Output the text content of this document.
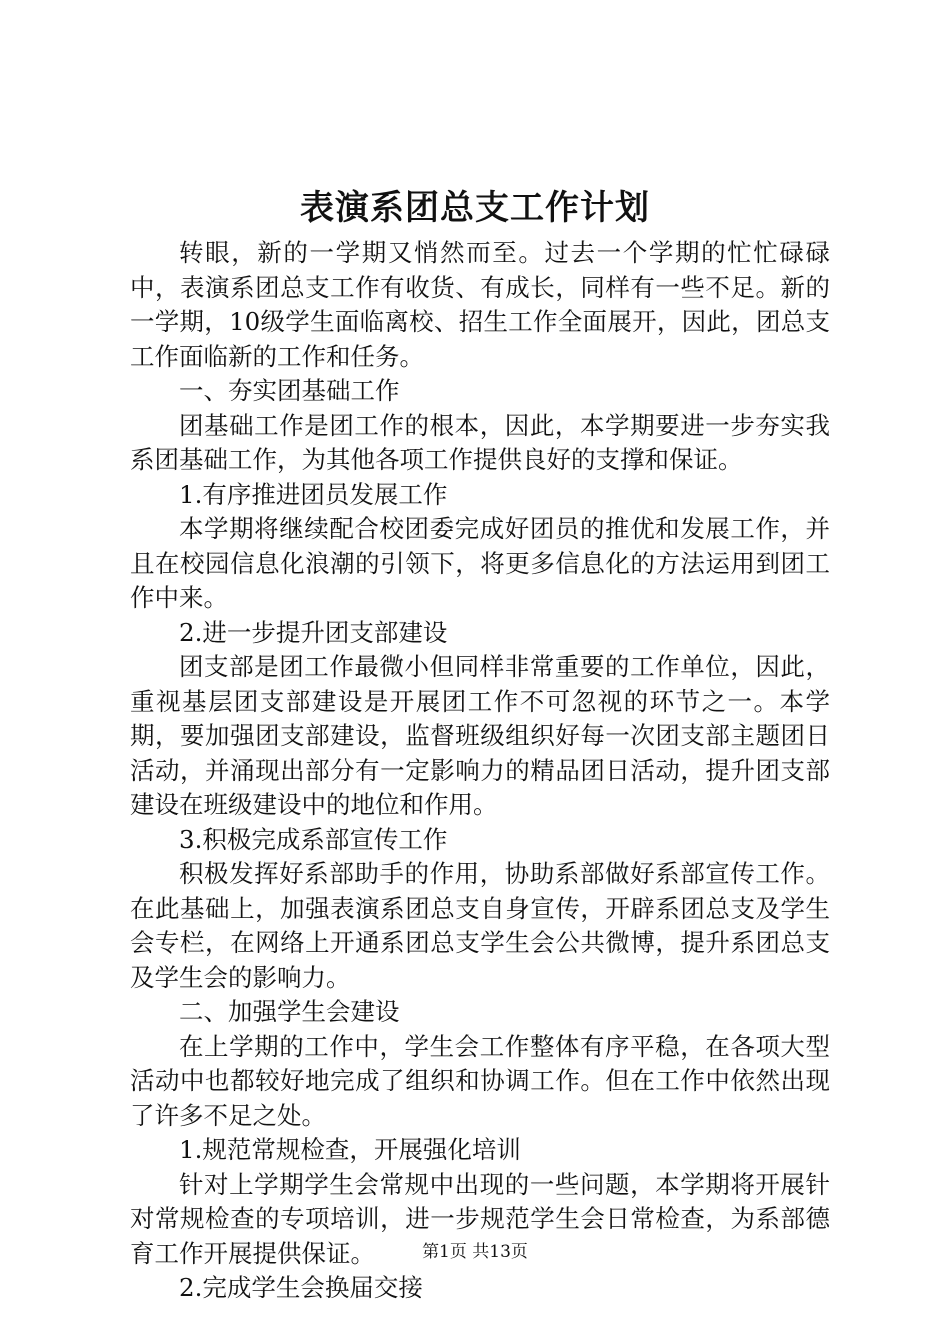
表演系团总支工作计划

转眼，新的一学期又悄然而至。过去一个学期的忙忙碌碌中，表演系团总支工作有收货、有成长，同样有一些不足。新的一学期，10级学生面临离校、招生工作全面展开，因此，团总支工作面临新的工作和任务。

一、夯实团基础工作

团基础工作是团工作的根本，因此，本学期要进一步夯实我系团基础工作，为其他各项工作提供良好的支撑和保证。

1.有序推进团员发展工作

本学期将继续配合校团委完成好团员的推优和发展工作，并且在校园信息化浪潮的引领下，将更多信息化的方法运用到团工作中来。

2.进一步提升团支部建设

团支部是团工作最微小但同样非常重要的工作单位，因此，重视基层团支部建设是开展团工作不可忽视的环节之一。本学期，要加强团支部建设，监督班级组织好每一次团支部主题团日活动，并涌现出部分有一定影响力的精品团日活动，提升团支部建设在班级建设中的地位和作用。

3.积极完成系部宣传工作

积极发挥好系部助手的作用，协助系部做好系部宣传工作。在此基础上，加强表演系团总支自身宣传，开辟系团总支及学生会专栏，在网络上开通系团总支学生会公共微博，提升系团总支及学生会的影响力。

二、加强学生会建设

在上学期的工作中，学生会工作整体有序平稳，在各项大型活动中也都较好地完成了组织和协调工作。但在工作中依然出现了许多不足之处。

1.规范常规检查，开展强化培训

针对上学期学生会常规中出现的一些问题，本学期将开展针对常规检查的专项培训，进一步规范学生会日常检查，为系部德育工作开展提供保证。

2.完成学生会换届交接

第1页 共13页
